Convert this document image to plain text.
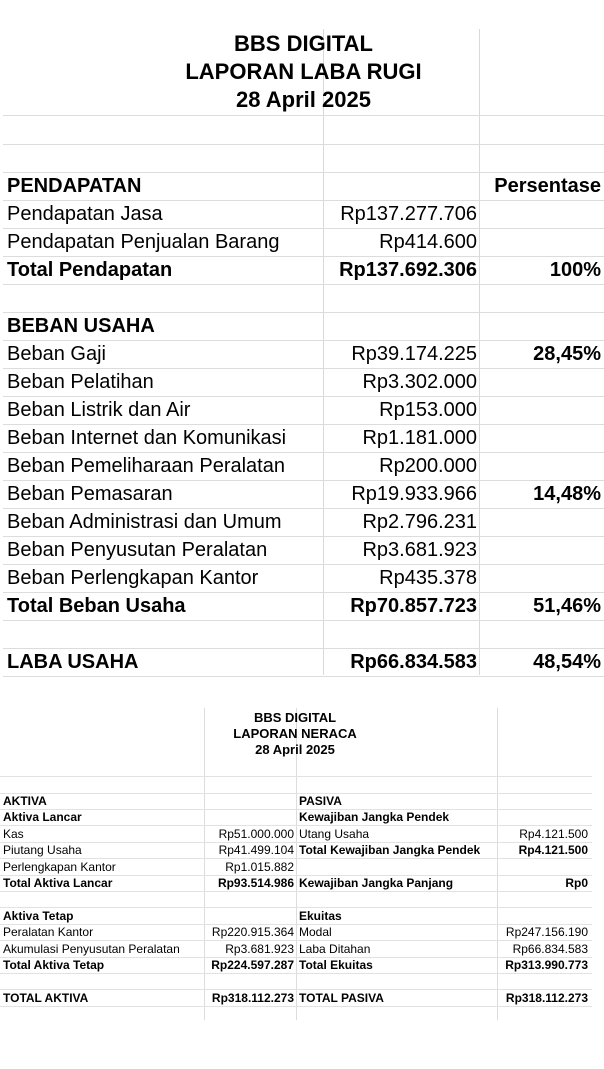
BBS DIGITAL
LAPORAN LABA RUGI
28 April 2025
PENDAPATAN	Persentase
Pendapatan Jasa	Rp137.277.706
Pendapatan Penjualan Barang	Rp414.600
Total Pendapatan	Rp137.692.306	100%
BEBAN USAHA
Beban Gaji	Rp39.174.225	28,45%
Beban Pelatihan	Rp3.302.000
Beban Listrik dan Air	Rp153.000
Beban Internet dan Komunikasi	Rp1.181.000
Beban Pemeliharaan Peralatan	Rp200.000
Beban Pemasaran	Rp19.933.966	14,48%
Beban Administrasi dan Umum	Rp2.796.231
Beban Penyusutan Peralatan	Rp3.681.923
Beban Perlengkapan Kantor	Rp435.378
Total Beban Usaha	Rp70.857.723	51,46%
LABA USAHA	Rp66.834.583	48,54%
BBS DIGITAL
LAPORAN NERACA
28 April 2025
AKTIVA	PASIVA
Aktiva Lancar	Kewajiban Jangka Pendek
Kas	Rp51.000.000 Utang Usaha	Rp4.121.500
Piutang Usaha	Rp41.499.104 Total Kewajiban Jangka Pendek	Rp4.121.500
Perlengkapan Kantor	Rp1.015.882
Total Aktiva Lancar	Rp93.514.986 Kewajiban Jangka Panjang	Rp0
Aktiva Tetap	Ekuitas
Peralatan Kantor	Rp220.915.364 Modal	Rp247.156.190
Akumulasi Penyusutan Peralatan	Rp3.681.923 Laba Ditahan	Rp66.834.583
Total Aktiva Tetap	Rp224.597.287 Total Ekuitas	Rp313.990.773
TOTAL AKTIVA	Rp318.112.273 TOTAL PASIVA	Rp318.112.273
